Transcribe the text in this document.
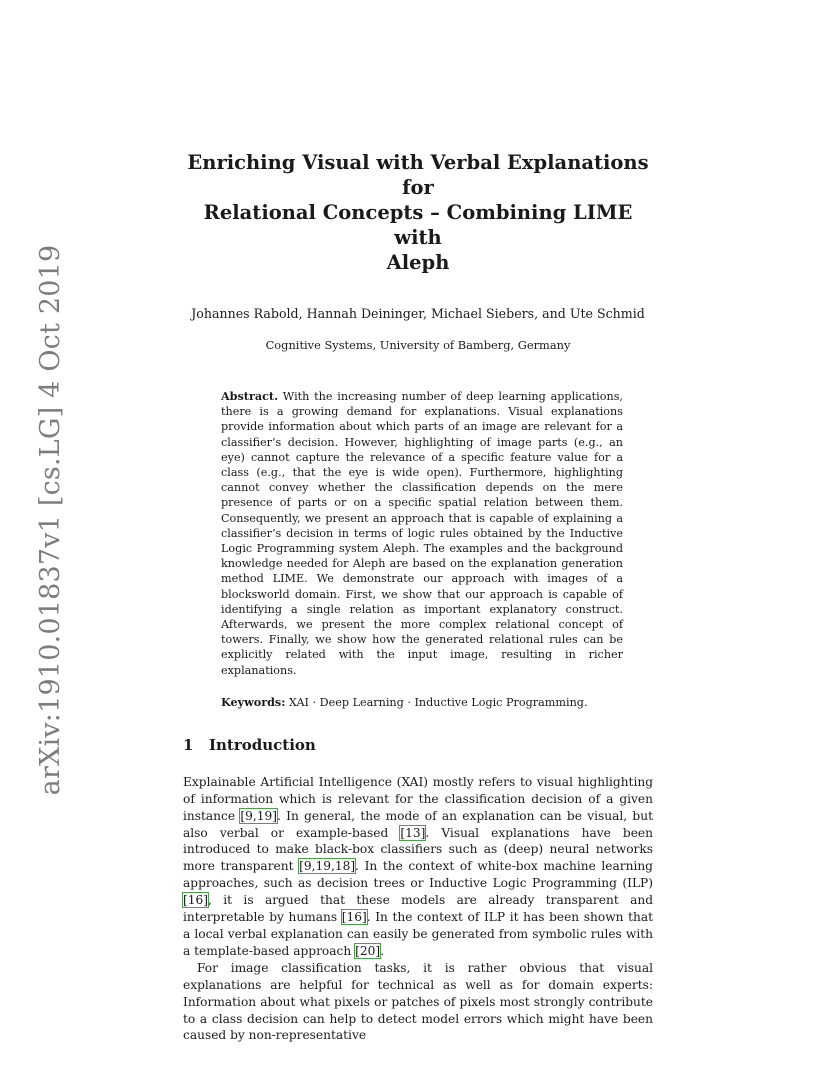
arXiv:1910.01837v1 [cs.LG] 4 Oct 2019
Enriching Visual with Verbal Explanations for
Relational Concepts – Combining LIME with
Aleph
Johannes Rabold, Hannah Deininger, Michael Siebers, and Ute Schmid
Cognitive Systems, University of Bamberg, Germany
Abstract. With the increasing number of deep learning applications, there is a growing demand for explanations. Visual explanations provide information about which parts of an image are relevant for a classifier’s decision. However, highlighting of image parts (e.g., an eye) cannot capture the relevance of a specific feature value for a class (e.g., that the eye is wide open). Furthermore, highlighting cannot convey whether the classification depends on the mere presence of parts or on a specific spatial relation between them. Consequently, we present an approach that is capable of explaining a classifier’s decision in terms of logic rules obtained by the Inductive Logic Programming system Aleph. The examples and the background knowledge needed for Aleph are based on the explanation generation method LIME. We demonstrate our approach with images of a blocksworld domain. First, we show that our approach is capable of identifying a single relation as important explanatory construct. Afterwards, we present the more complex relational concept of towers. Finally, we show how the generated relational rules can be explicitly related with the input image, resulting in richer explanations.
Keywords: XAI · Deep Learning · Inductive Logic Programming.
1 Introduction

Explainable Artificial Intelligence (XAI) mostly refers to visual highlighting of information which is relevant for the classification decision of a given instance [9,19]. In general, the mode of an explanation can be visual, but also verbal or example-based [13]. Visual explanations have been introduced to make black-box classifiers such as (deep) neural networks more transparent [9,19,18]. In the context of white-box machine learning approaches, such as decision trees or Inductive Logic Programming (ILP) [16], it is argued that these models are already transparent and interpretable by humans [16]. In the context of ILP it has been shown that a local verbal explanation can easily be generated from symbolic rules with a template-based approach [20].

For image classification tasks, it is rather obvious that visual explanations are helpful for technical as well as for domain experts: Information about what pixels or patches of pixels most strongly contribute to a class decision can help to detect model errors which might have been caused by non-representative
